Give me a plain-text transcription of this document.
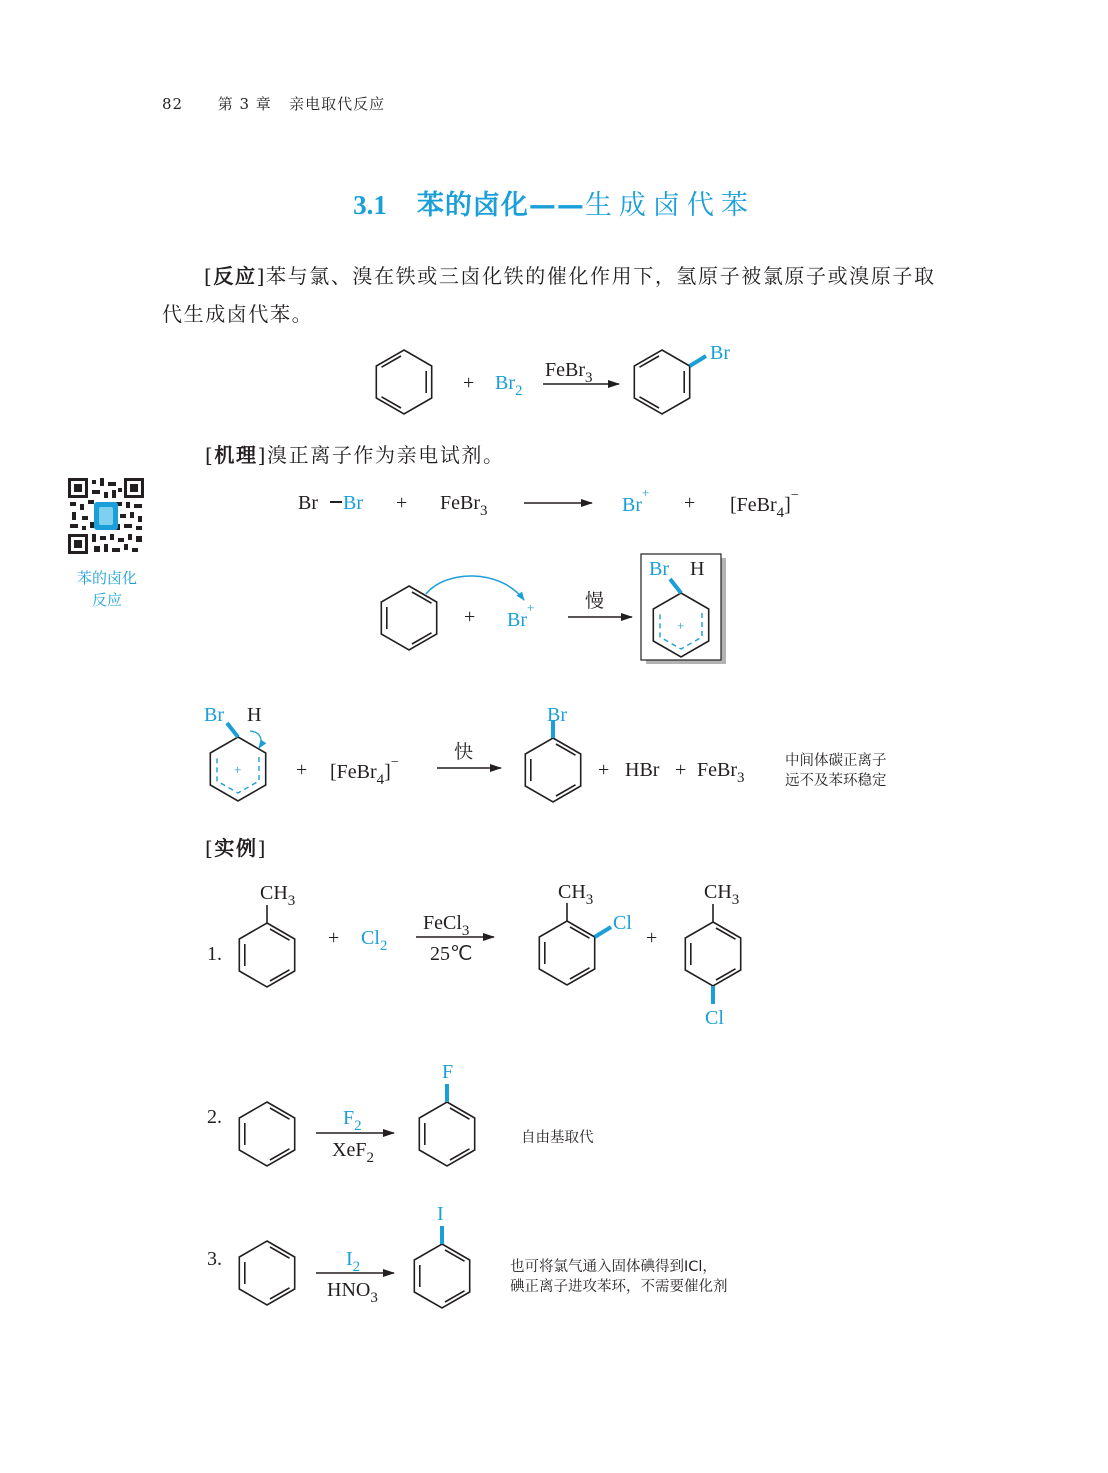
82 第 3 章 亲电取代反应
3.1 苯的卤化——生成卤代苯
[反应]苯与氯、溴在铁或三卤化铁的催化作用下，氢原子被氯原子或溴原子取代生成卤代苯。
[机理]溴正离子作为亲电试剂。
[实例]
苯的卤化
反应
+ $Br_2$
FeBr$_3$
Br
Br Br + FeBr$_3$	Br+ + [FeBr$_4$]−
+ Br+	慢
Br H
+
Br H
+	+ [FeBr$_4$]−	快
Br
+ HBr + FeBr$_3$
1.
$CH_3$
+ $Cl_2$
FeCl$_3$
25℃
$CH_3$
Cl
+
$CH_3$
Cl
2.	$F_2$
XeF$_2$
F
3.	$I_2$
$HNO_3$
I
中间体碳正离子
远不及苯环稳定
自由基取代
也可将氯气通入固体碘得到ICl，
碘正离子进攻苯环，不需要催化剂
